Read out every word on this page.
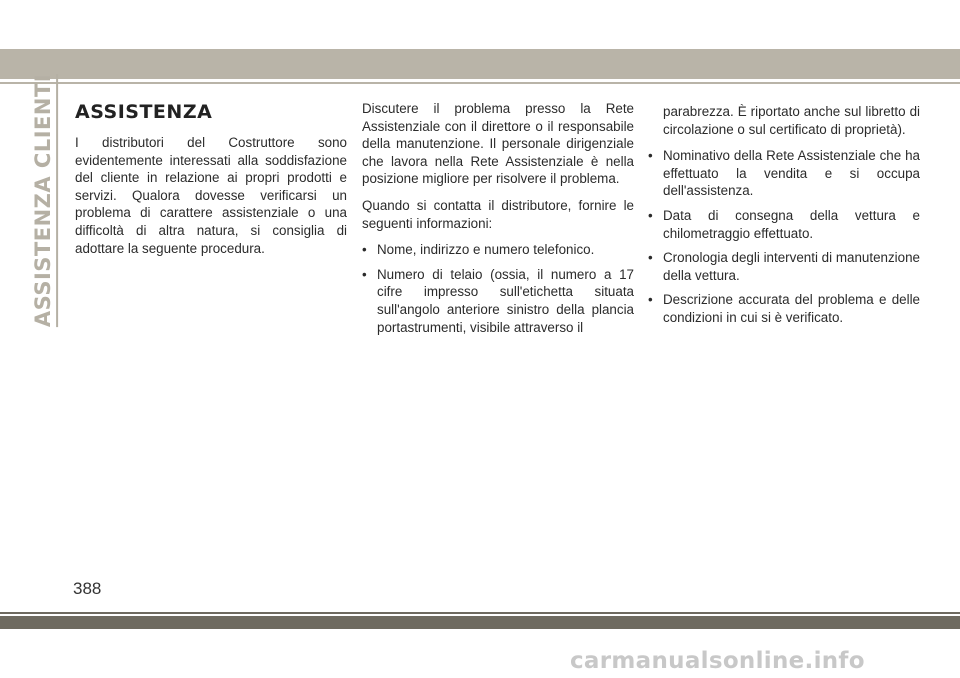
ASSISTENZA CLIENTI ASSISTENZA

I distributori del Costruttore sono evidentemente interessati alla soddisfazione del cliente in relazione ai propri prodotti e servizi. Qualora dovesse verificarsi un problema di carattere assistenziale o una difficoltà di altra natura, si consiglia di adottare la seguente procedura.

Discutere il problema presso la Rete Assistenziale con il direttore o il responsabile della manutenzione. Il personale dirigenziale che lavora nella Rete Assistenziale è nella posizione migliore per risolvere il problema.

Quando si contatta il distributore, fornire le seguenti informazioni:

• Nome, indirizzo e numero telefonico.
• Numero di telaio (ossia, il numero a 17 cifre impresso sull'etichetta situata sull'angolo anteriore sinistro della plancia portastrumenti, visibile attraverso il
parabrezza. È riportato anche sul libretto di circolazione o sul certificato di proprietà).
• Nominativo della Rete Assistenziale che ha effettuato la vendita e si occupa dell'assistenza.
• Data di consegna della vettura e chilometraggio effettuato.
• Cronologia degli interventi di manutenzione della vettura.
• Descrizione accurata del problema e delle condizioni in cui si è verificato.
388
carmanualsonline.info
